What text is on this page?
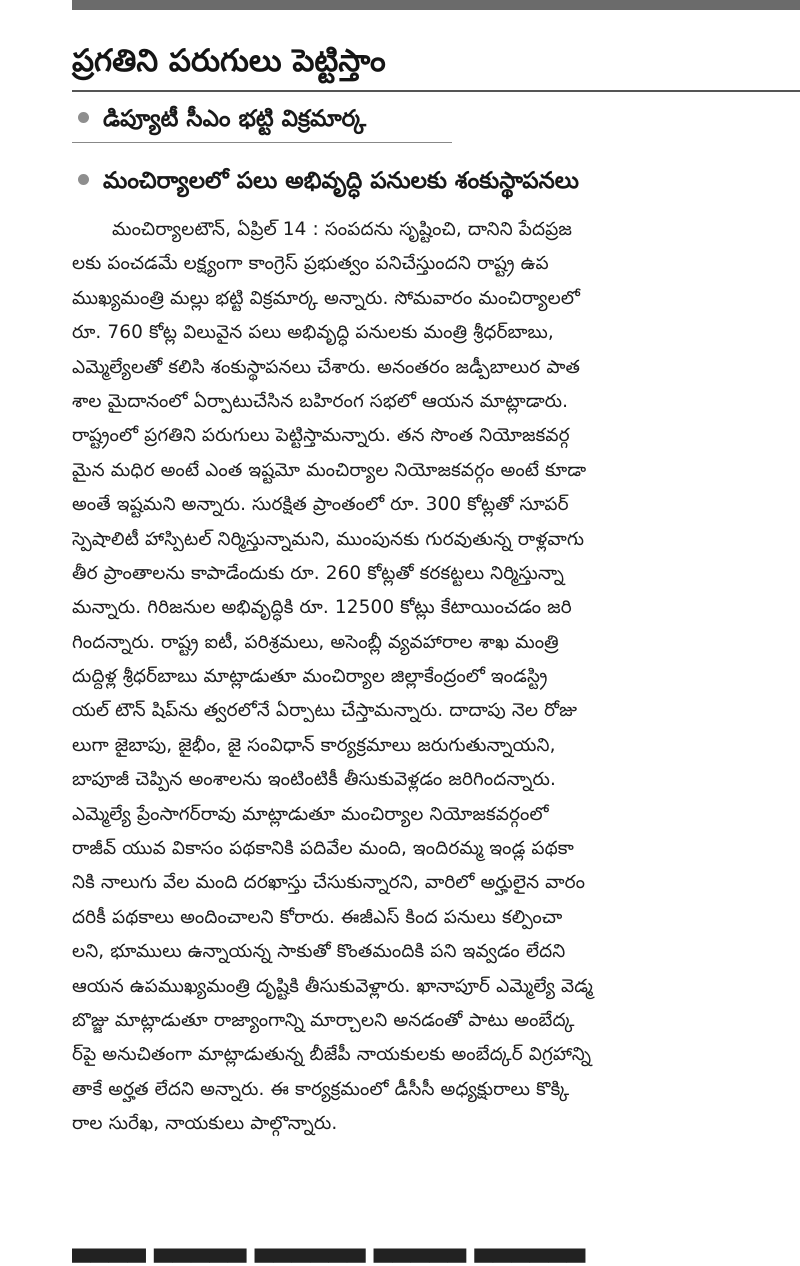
ప్రగతిని పరుగులు పెట్టిస్తాం
డిప్యూటీ సీఎం భట్టి విక్రమార్క
మంచిర్యాలలో పలు అభివృద్ధి పనులకు శంకుస్థాపనలు
మంచిర్యాలటౌన్, ఏప్రిల్ 14 : సంపదను సృష్టించి, దానిని పేదప్రజ
లకు పంచడమే లక్ష్యంగా కాంగ్రెస్ ప్రభుత్వం పనిచేస్తుందని రాష్ట్ర ఉప
ముఖ్యమంత్రి మల్లు భట్టి విక్రమార్క అన్నారు. సోమవారం మంచిర్యాలలో
రూ. 760 కోట్ల విలువైన పలు అభివృద్ధి పనులకు మంత్రి శ్రీధర్‌బాబు,
ఎమ్మెల్యేలతో కలిసి శంకుస్థాపనలు చేశారు. అనంతరం జడ్పీబాలుర పాత
శాల మైదానంలో ఏర్పాటుచేసిన బహిరంగ సభలో ఆయన మాట్లాడారు.
రాష్ట్రంలో ప్రగతిని పరుగులు పెట్టిస్తామన్నారు. తన సొంత నియోజకవర్గ
మైన మధిర అంటే ఎంత ఇష్టమో మంచిర్యాల నియోజకవర్గం అంటే కూడా
అంతే ఇష్టమని అన్నారు. సురక్షిత ప్రాంతంలో రూ. 300 కోట్లతో సూపర్
స్పెషాలిటీ హాస్పిటల్ నిర్మిస్తున్నామని, ముంపునకు గురవుతున్న రాళ్లవాగు
తీర ప్రాంతాలను కాపాడేందుకు రూ. 260 కోట్లతో కరకట్టలు నిర్మిస్తున్నా
మన్నారు. గిరిజనుల అభివృద్ధికి రూ. 12500 కోట్లు కేటాయించడం జరి
గిందన్నారు. రాష్ట్ర ఐటీ, పరిశ్రమలు, అసెంబ్లీ వ్యవహారాల శాఖ మంత్రి
దుద్దిళ్ల శ్రీధర్‌బాబు మాట్లాడుతూ మంచిర్యాల జిల్లాకేంద్రంలో ఇండస్ట్రి
యల్ టౌన్ షిప్‌ను త్వరలోనే ఏర్పాటు చేస్తామన్నారు. దాదాపు నెల రోజు
లుగా జైబాపు, జైభీం, జై సంవిధాన్ కార్యక్రమాలు జరుగుతున్నాయని,
బాపూజీ చెప్పిన అంశాలను ఇంటింటికీ తీసుకువెళ్లడం జరిగిందన్నారు.
ఎమ్మెల్యే ప్రేంసాగర్‌రావు మాట్లాడుతూ మంచిర్యాల నియోజకవర్గంలో
రాజీవ్ యువ వికాసం పథకానికి పదివేల మంది, ఇందిరమ్మ ఇండ్ల పథకా
నికి నాలుగు వేల మంది దరఖాస్తు చేసుకున్నారని, వారిలో అర్హులైన వారం
దరికీ పథకాలు అందించాలని కోరారు. ఈజీఎస్ కింద పనులు కల్పించా
లని, భూములు ఉన్నాయన్న సాకుతో కొంతమందికి పని ఇవ్వడం లేదని
ఆయన ఉపముఖ్యమంత్రి దృష్టికి తీసుకువెళ్లారు. ఖానాపూర్ ఎమ్మెల్యే వెడ్మ
బొజ్జు మాట్లాడుతూ రాజ్యాంగాన్ని మార్చాలని అనడంతో పాటు అంబేద్క
ర్‌పై అనుచితంగా మాట్లాడుతున్న బీజేపీ నాయకులకు అంబేద్కర్ విగ్రహాన్ని
తాకే అర్హత లేదని అన్నారు. ఈ కార్యక్రమంలో డీసీసీ అధ్యక్షురాలు కొక్కి
రాల సురేఖ, నాయకులు పాల్గొన్నారు.
▀▀▀▀ ▀▀▀▀▀ ▀▀▀▀▀▀ ▀▀▀▀▀ ▀▀▀▀▀▀
